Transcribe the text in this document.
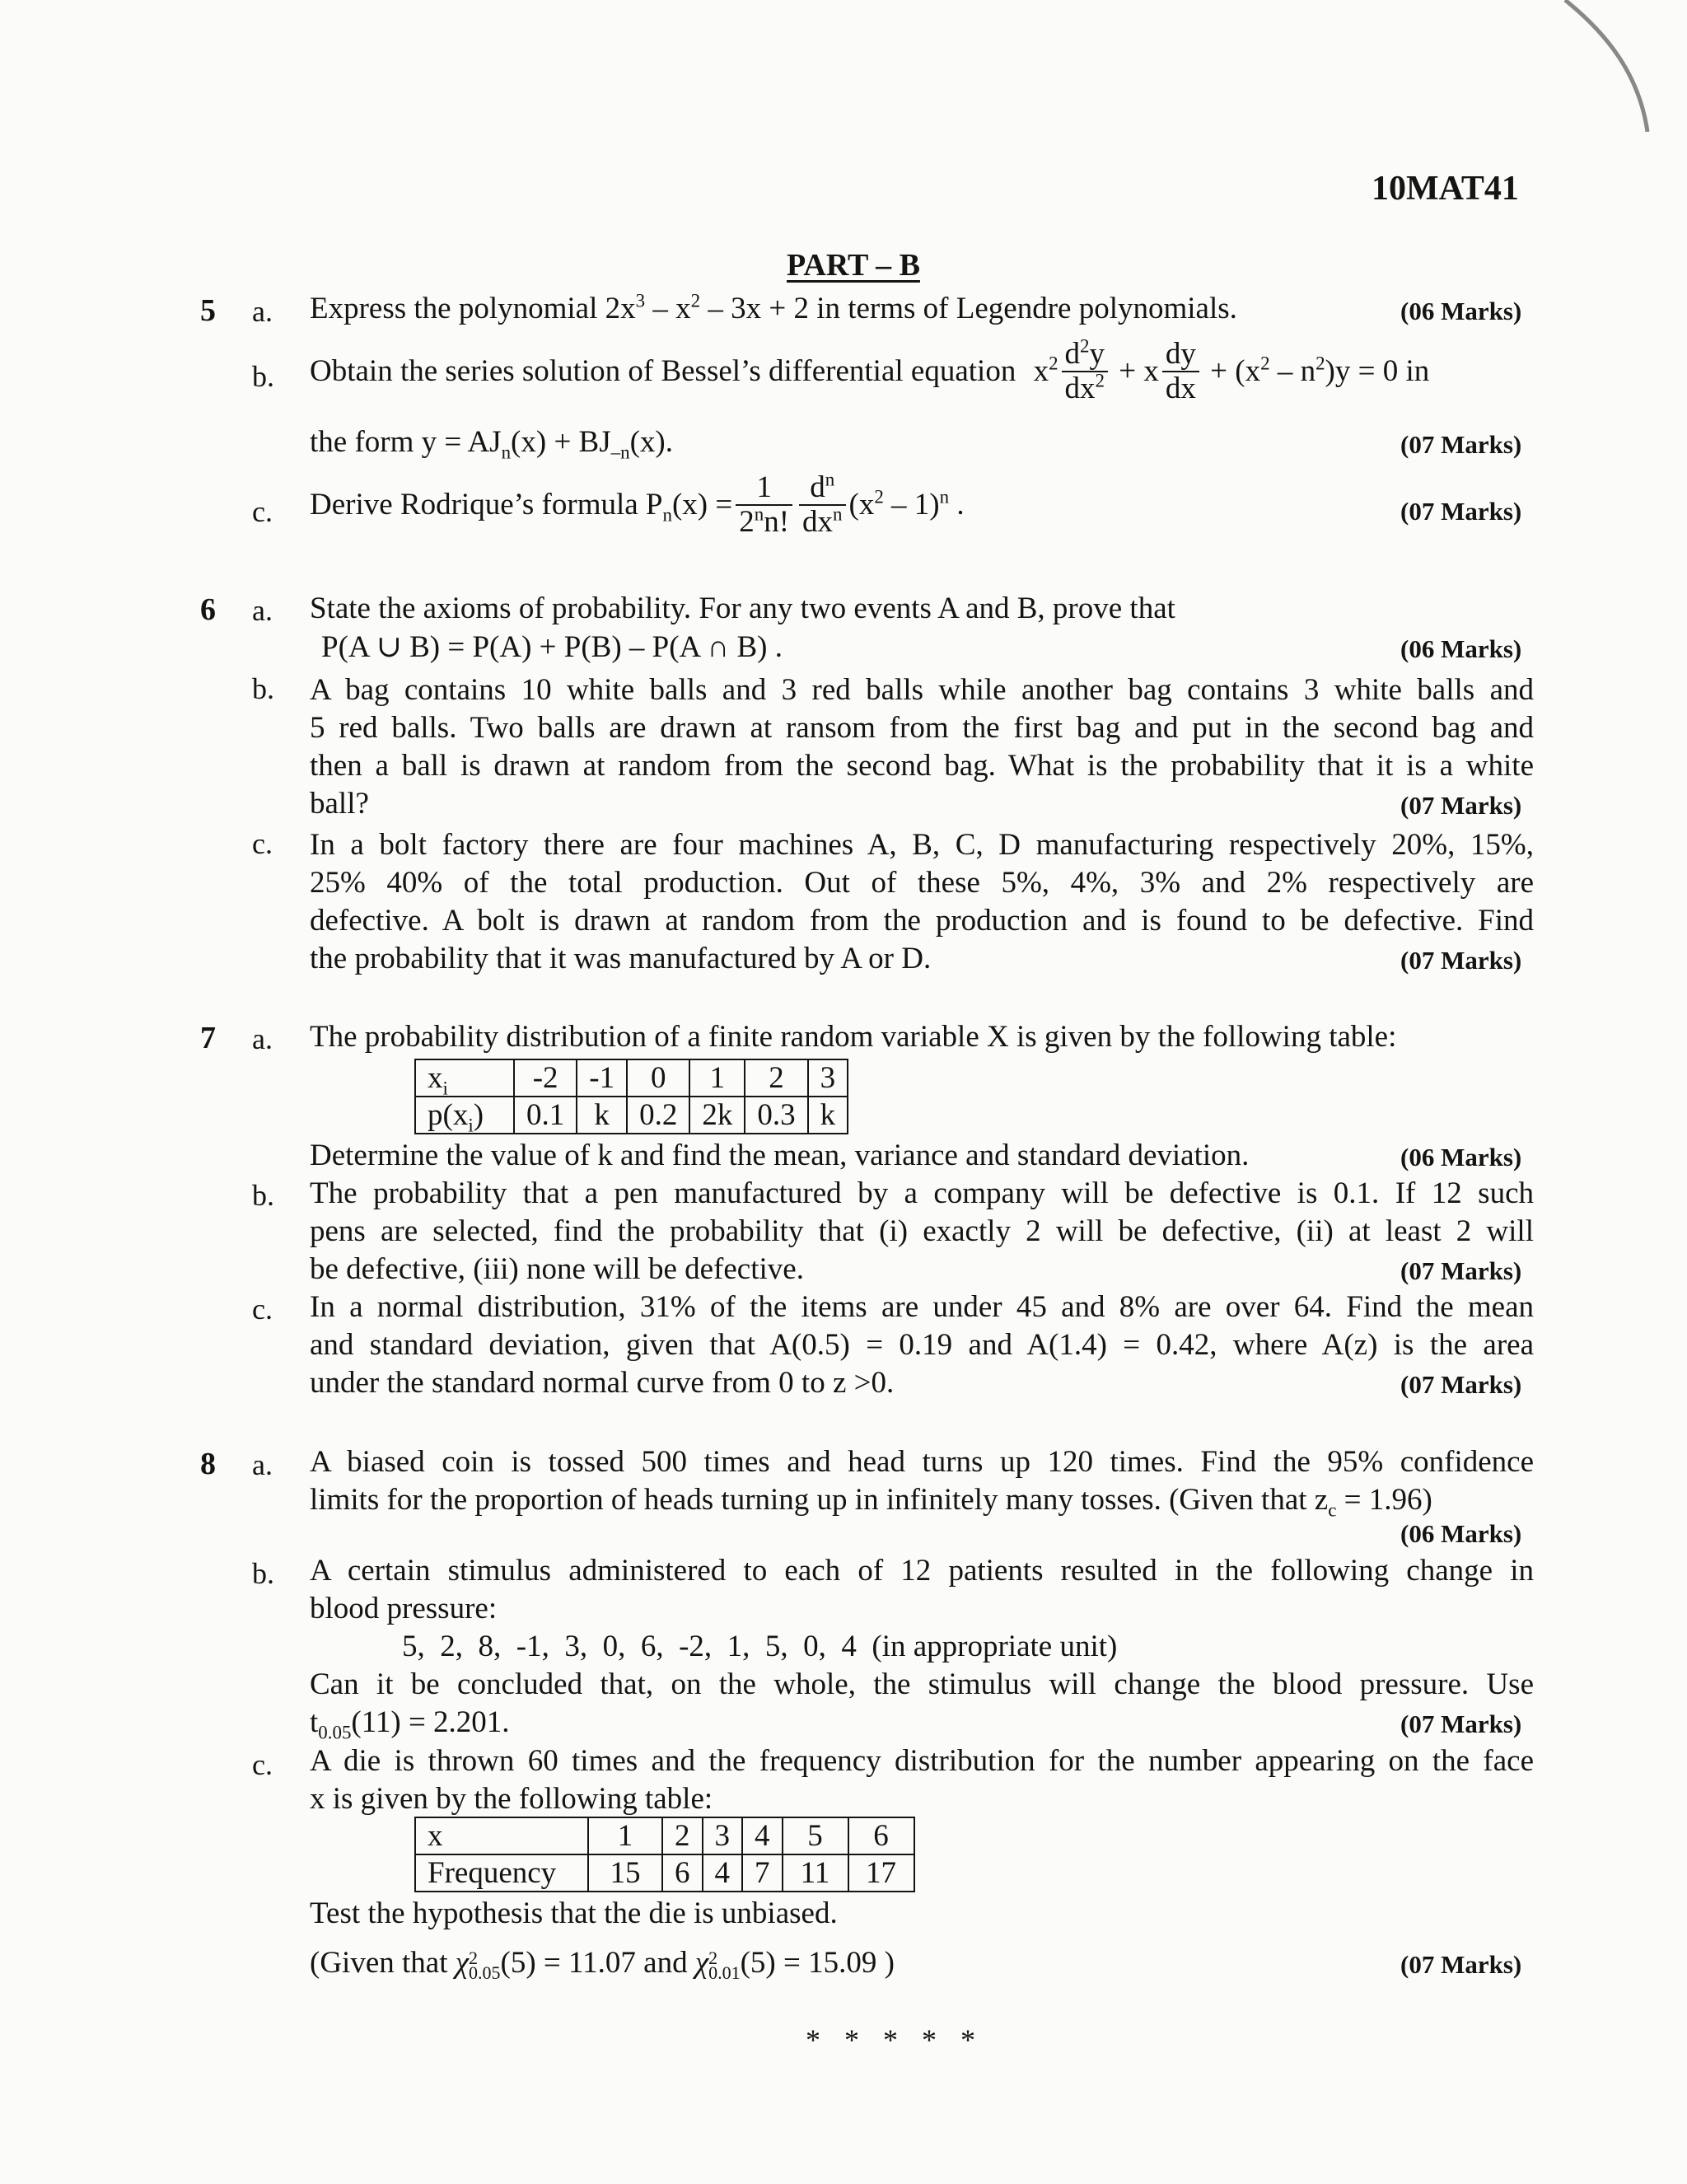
10MAT41
PART – B
5 a. Express the polynomial $2x^3 - x^2 - 3x + 2$ in terms of Legendre polynomials.	(06 Marks)
b. Obtain the series solution of Bessel’s differential equation $x^2 \frac{d^2y}{dx^2} + x \frac{dy}{dx} + (x^2 - n^2)y = 0$ in
the form $y = AJ_n(x) + BJ_{-n}(x)$.	(07 Marks)
c. Derive Rodrique’s formula $P_n(x) = \frac{1}{2^nn!} \frac{d^n}{dx^n} (x^2 - 1)^n$ .	(07 Marks)
6 a. State the axioms of probability. For any two events A and B, prove that
P(A ∪ B) = P(A) + P(B) – P(A ∩ B) .	(06 Marks)
b. A bag contains 10 white balls and 3 red balls while another bag contains 3 white balls and
5 red balls. Two balls are drawn at ransom from the first bag and put in the second bag and
then a ball is drawn at random from the second bag. What is the probability that it is a white
ball?	(07 Marks)
c. In a bolt factory there are four machines A, B, C, D manufacturing respectively 20%, 15%,
25% 40% of the total production. Out of these 5%, 4%, 3% and 2% respectively are
defective. A bolt is drawn at random from the production and is found to be defective. Find
the probability that it was manufactured by A or D.	(07 Marks)
7 a. The probability distribution of a finite random variable X is given by the following table:
$x_i$	-2	-1	0	1	2	3
$p(x_i)$	0.1	k	0.2	2k	0.3	k
Determine the value of k and find the mean, variance and standard deviation.	(06 Marks)
b. The probability that a pen manufactured by a company will be defective is 0.1. If 12 such
pens are selected, find the probability that (i) exactly 2 will be defective, (ii) at least 2 will
be defective, (iii) none will be defective.	(07 Marks)
c. In a normal distribution, 31% of the items are under 45 and 8% are over 64. Find the mean
and standard deviation, given that A(0.5) = 0.19 and A(1.4) = 0.42, where A(z) is the area
under the standard normal curve from 0 to z >0.	(07 Marks)
8 a. A biased coin is tossed 500 times and head turns up 120 times. Find the 95% confidence
limits for the proportion of heads turning up in infinitely many tosses. (Given that $z_c = 1.96$)
(06 Marks)
b. A certain stimulus administered to each of 12 patients resulted in the following change in
blood pressure:
5,  2,  8,  -1,  3,  0,  6,  -2,  1,  5,  0,  4  (in appropriate unit)
Can it be concluded that, on the whole, the stimulus will change the blood pressure. Use
$t_{0.05}(11) = 2.201$.	(07 Marks)
c. A die is thrown 60 times and the frequency distribution for the number appearing on the face
x is given by the following table:
x	1	2	3	4	5	6
Frequency	15	6	4	7	11	17
Test the hypothesis that the die is unbiased.
(Given that χ 2
0.05 (5) = 11.07 and χ 2
0.01 (5) = 15.09 )	(07 Marks)
* * * * *
